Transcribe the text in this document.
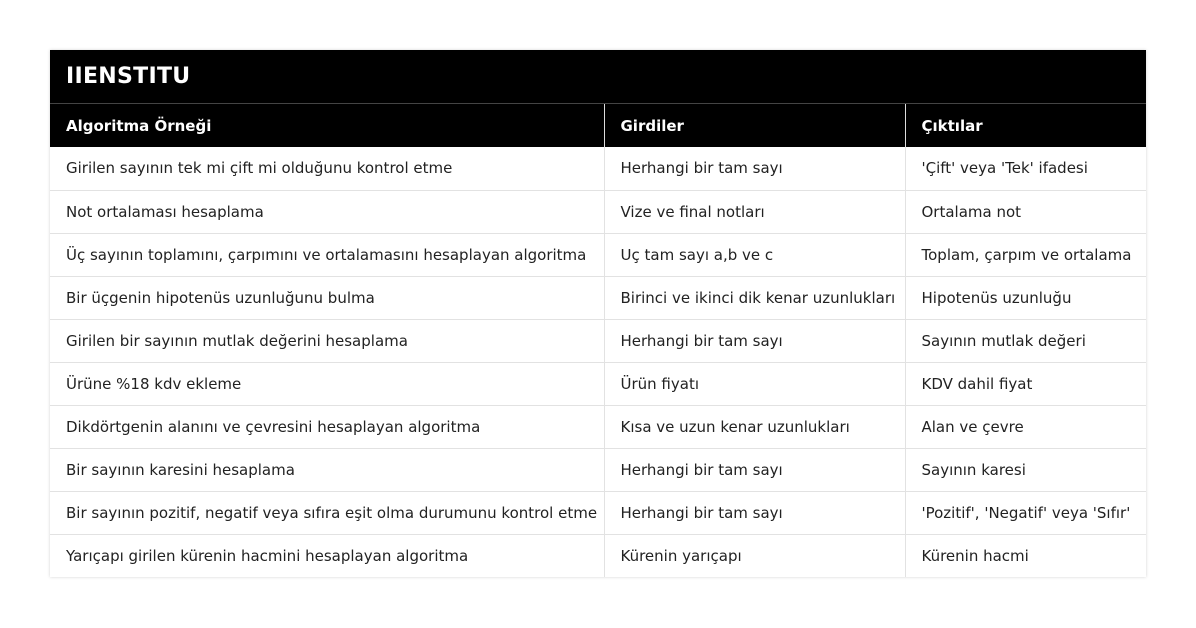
IIENSTITU
Algoritma Örneği	Girdiler	Çıktılar
Girilen sayının tek mi çift mi olduğunu kontrol etme	Herhangi bir tam sayı	'Çift' veya 'Tek' ifadesi
Not ortalaması hesaplama	Vize ve final notları	Ortalama not
Üç sayının toplamını, çarpımını ve ortalamasını hesaplayan algoritma	Uç tam sayı a,b ve c	Toplam, çarpım ve ortalama
Bir üçgenin hipotenüs uzunluğunu bulma	Birinci ve ikinci dik kenar uzunlukları	Hipotenüs uzunluğu
Girilen bir sayının mutlak değerini hesaplama	Herhangi bir tam sayı	Sayının mutlak değeri
Ürüne %18 kdv ekleme	Ürün fiyatı	KDV dahil fiyat
Dikdörtgenin alanını ve çevresini hesaplayan algoritma	Kısa ve uzun kenar uzunlukları	Alan ve çevre
Bir sayının karesini hesaplama	Herhangi bir tam sayı	Sayının karesi
Bir sayının pozitif, negatif veya sıfıra eşit olma durumunu kontrol etme	Herhangi bir tam sayı	'Pozitif', 'Negatif' veya 'Sıfır'
Yarıçapı girilen kürenin hacmini hesaplayan algoritma	Kürenin yarıçapı	Kürenin hacmi
